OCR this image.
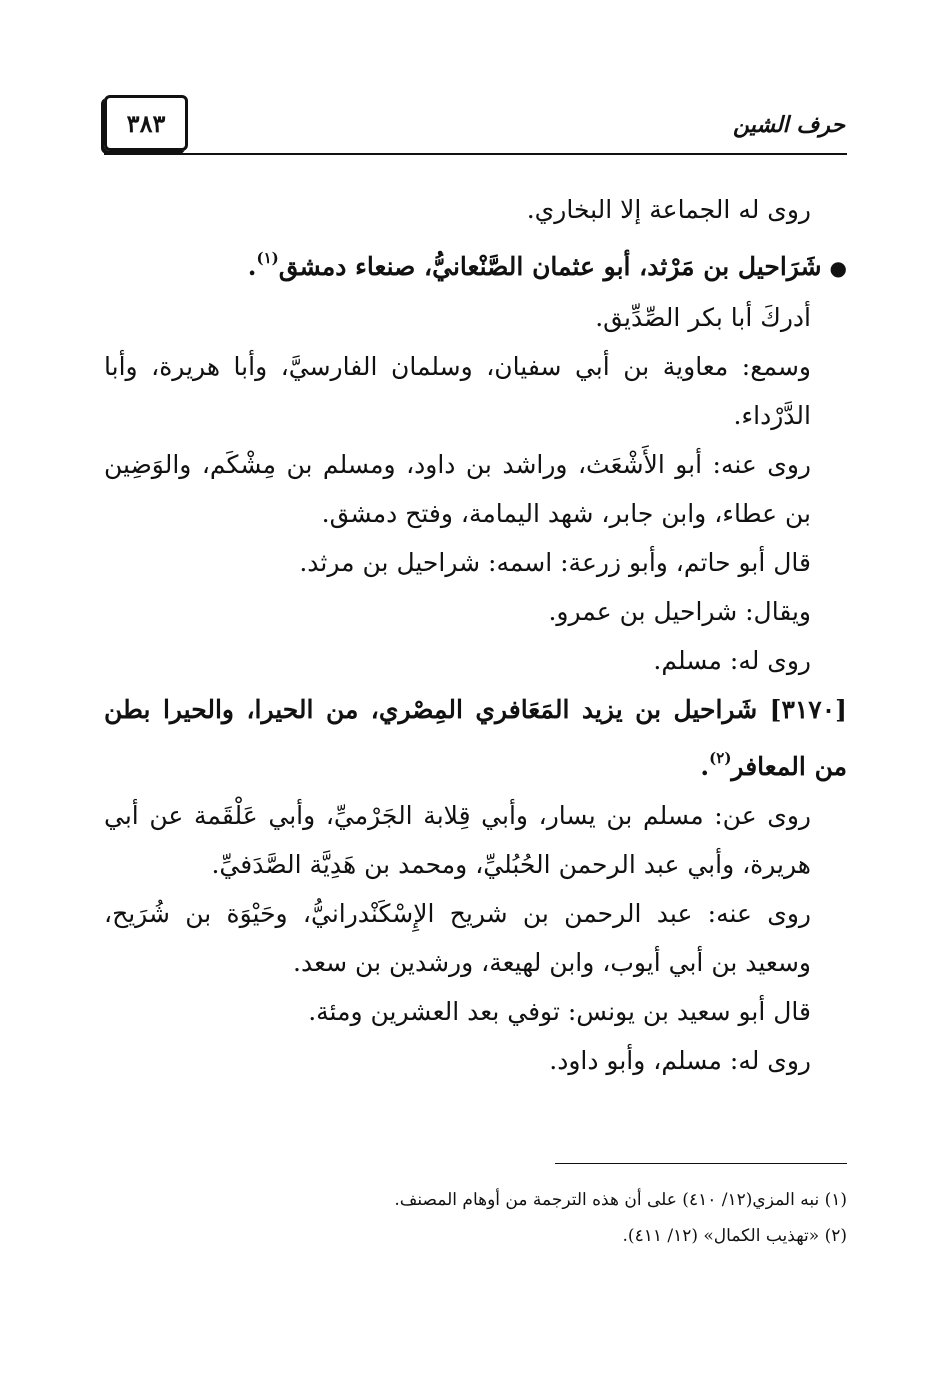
٣٨٣	حرف الشين

روى له الجماعة إلا البخاري.

●شَرَاحيل بن مَرْثد، أبو عثمان الصَّنْعانيُّ، صنعاء دمشق$^{(١)}$.

أدركَ أبا بكر الصِّدِّيق.

وسمع: معاوية بن أبي سفيان، وسلمان الفارسيَّ، وأبا هريرة، وأبا الدَّرْداء.

روى عنه: أبو الأَشْعَث، وراشد بن داود، ومسلم بن مِشْكَم، والوَضِين بن عطاء، وابن جابر، شهد اليمامة، وفتح دمشق.

قال أبو حاتم، وأبو زرعة: اسمه: شراحيل بن مرثد.

ويقال: شراحيل بن عمرو.

روى له: مسلم.

[٣١٧٠] شَراحيل بن يزيد المَعَافري المِصْري، من الحيرا، والحيرا بطن من المعافر$^{(٢)}$.

روى عن: مسلم بن يسار، وأبي قِلابة الجَرْميِّ، وأبي عَلْقَمة عن أبي هريرة، وأبي عبد الرحمن الحُبُليِّ، ومحمد بن هَدِيَّة الصَّدَفيِّ.

روى عنه: عبد الرحمن بن شريح الإِسْكَنْدرانيُّ، وحَيْوَة بن شُرَيح، وسعيد بن أبي أيوب، وابن لهيعة، ورشدين بن سعد.

قال أبو سعيد بن يونس: توفي بعد العشرين ومئة.

روى له: مسلم، وأبو داود.

(١) نبه المزي(١٢/ ٤١٠) على أن هذه الترجمة من أوهام المصنف.

(٢) «تهذيب الكمال» (١٢/ ٤١١).
